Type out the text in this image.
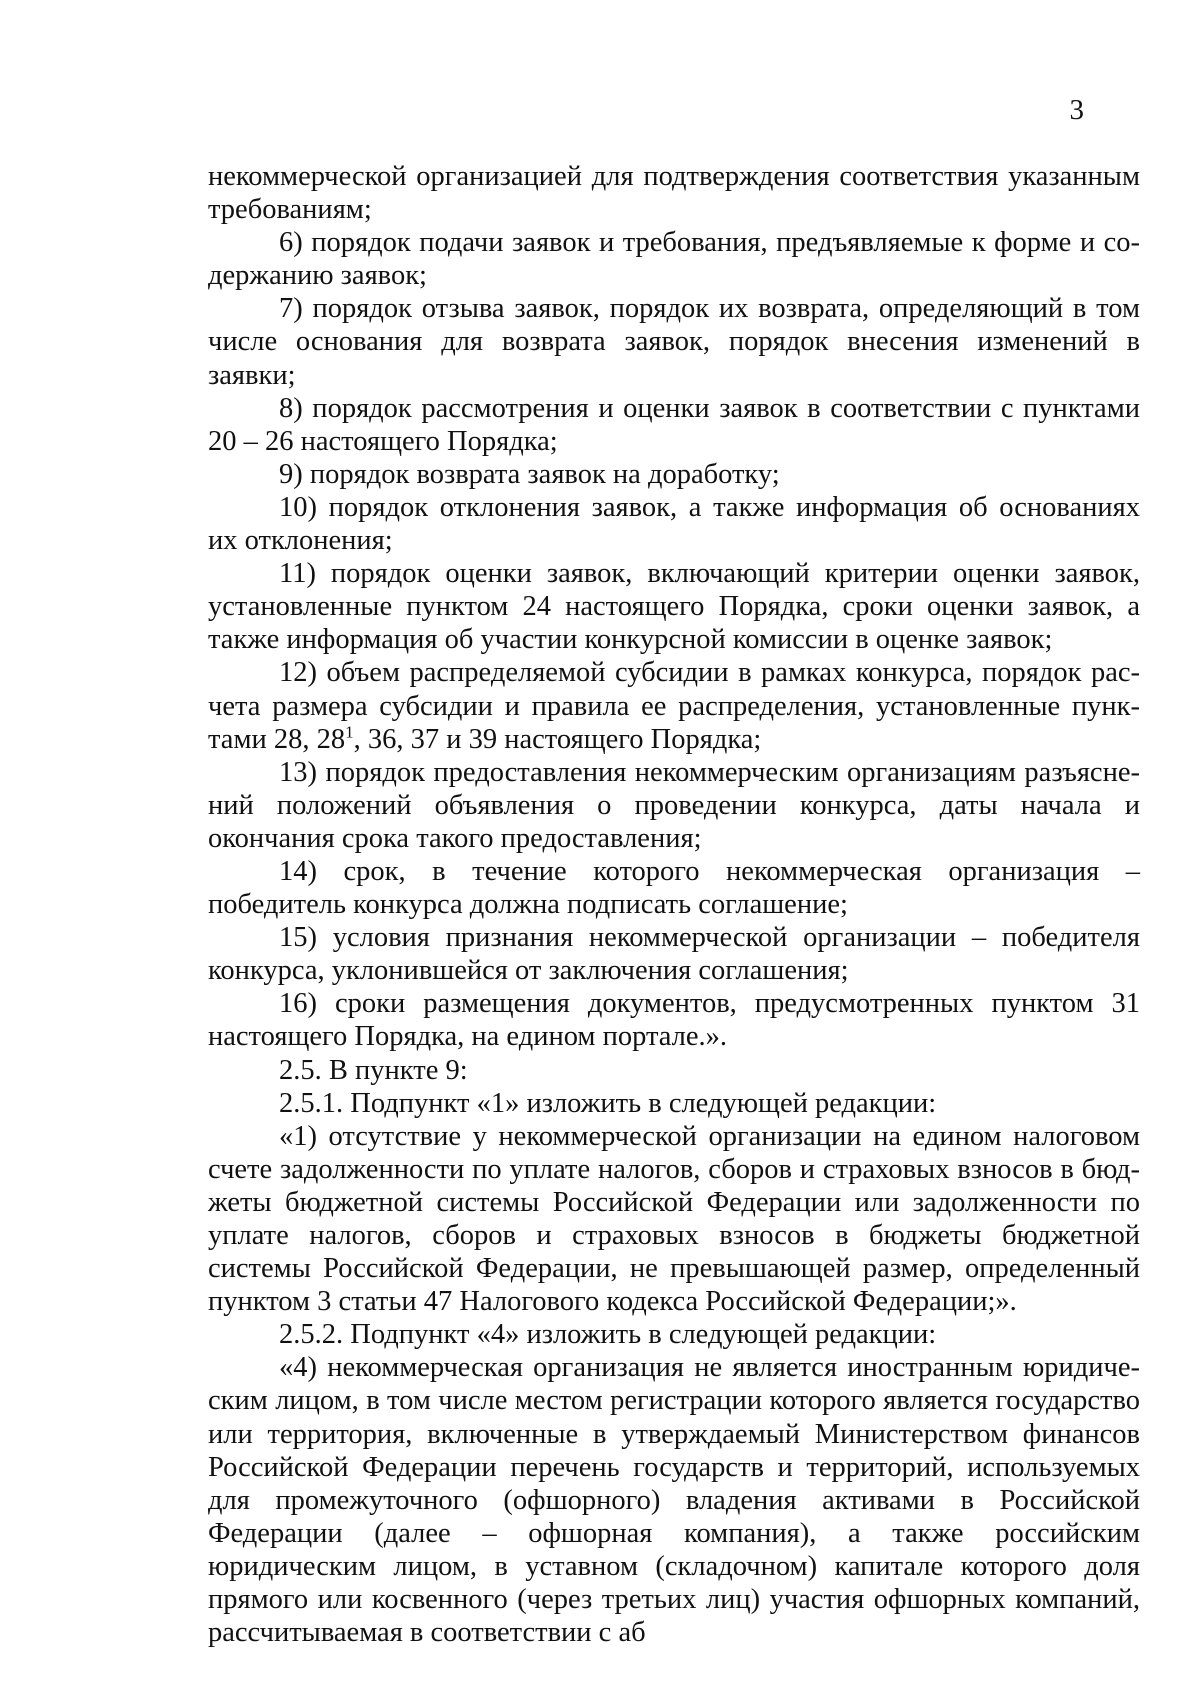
3

некоммерческой организацией для подтверждения соответствия указанным требованиям;

6) порядок подачи заявок и требования, предъявляемые к форме и содержанию заявок;

7) порядок отзыва заявок, порядок их возврата, определяющий в том числе основания для возврата заявок, порядок внесения изменений в заявки;

8) порядок рассмотрения и оценки заявок в соответствии с пунктами 20 – 26 настоящего Порядка;

9) порядок возврата заявок на доработку;

10) порядок отклонения заявок, а также информация об основаниях их отклонения;

11) порядок оценки заявок, включающий критерии оценки заявок, установленные пунктом 24 настоящего Порядка, сроки оценки заявок, а также информация об участии конкурсной комиссии в оценке заявок;

12) объем распределяемой субсидии в рамках конкурса, порядок расчета размера субсидии и правила ее распределения, установленные пунктами 28, $28^1$, 36, 37 и 39 настоящего Порядка;

13) порядок предоставления некоммерческим организациям разъяснений положений объявления о проведении конкурса, даты начала и окончания срока такого предоставления;

14) срок, в течение которого некоммерческая организация – победитель конкурса должна подписать соглашение;

15) условия признания некоммерческой организации – победителя конкурса, уклонившейся от заключения соглашения;

16) сроки размещения документов, предусмотренных пунктом 31 настоящего Порядка, на едином портале.».

2.5. В пункте 9:

2.5.1. Подпункт «1» изложить в следующей редакции:

«1) отсутствие у некоммерческой организации на едином налоговом счете задолженности по уплате налогов, сборов и страховых взносов в бюджеты бюджетной системы Российской Федерации или задолженности по уплате налогов, сборов и страховых взносов в бюджеты бюджетной системы Российской Федерации, не превышающей размер, определенный пунктом 3 статьи 47 Налогового кодекса Российской Федерации;».

2.5.2. Подпункт «4» изложить в следующей редакции:

«4) некоммерческая организация не является иностранным юридическим лицом, в том числе местом регистрации которого является государство или территория, включенные в утверждаемый Министерством финансов Российской Федерации перечень государств и территорий, используемых для промежуточного (офшорного) владения активами в Российской Федерации (далее – офшорная компания), а также российским юридическим лицом, в уставном (складочном) капитале которого доля прямого или косвенного (через третьих лиц) участия офшорных компаний, рассчитываемая в соответствии с аб
